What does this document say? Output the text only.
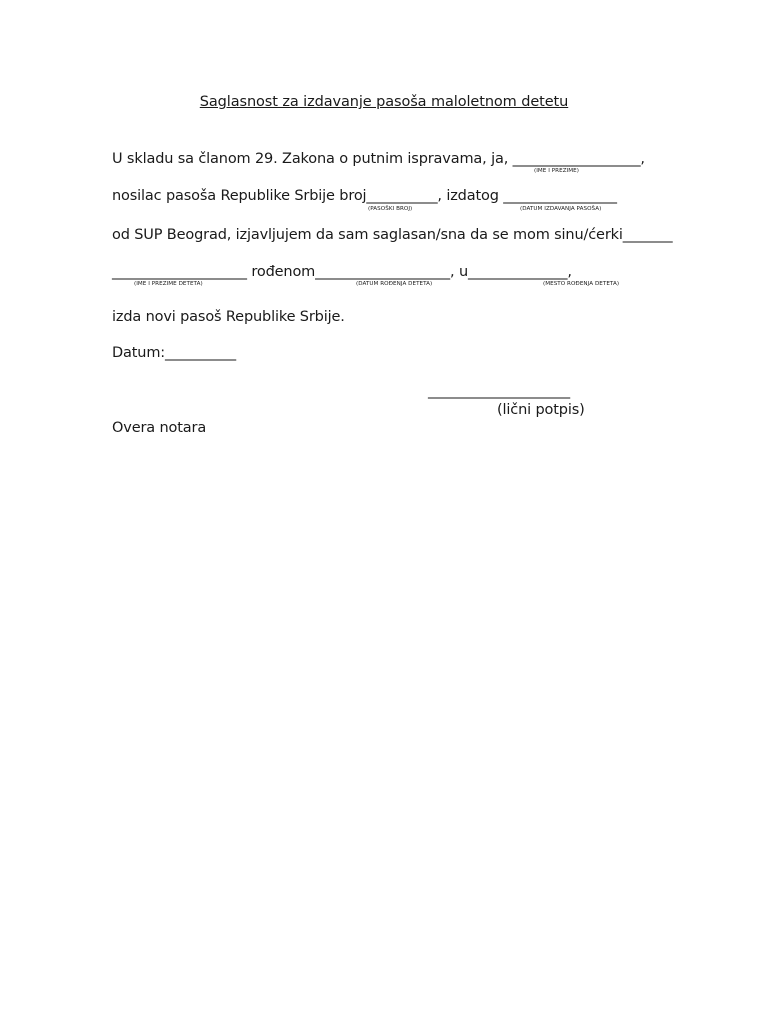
Saglasnost za izdavanje pasoša maloletnom detetu
U skladu sa članom 29. Zakona o putnim ispravama, ja, __________________,
(IME I PREZIME)
nosilac pasoša Republike Srbije broj__________, izdatog ________________
(PASOŠKI BROJ)	(DATUM IZDAVANJA PASOŠA)
od SUP Beograd, izjavljujem da sam saglasan/sna da se mom sinu/ćerki_______
___________________ rođenom___________________, u______________,
(IME I PREZIME DETETA)	(DATUM ROĐENJA DETETA)	(MESTO ROĐENJA DETETA)
izda novi pasoš Republike Srbije.
Datum:__________
____________________
(lični potpis)
Overa notara
